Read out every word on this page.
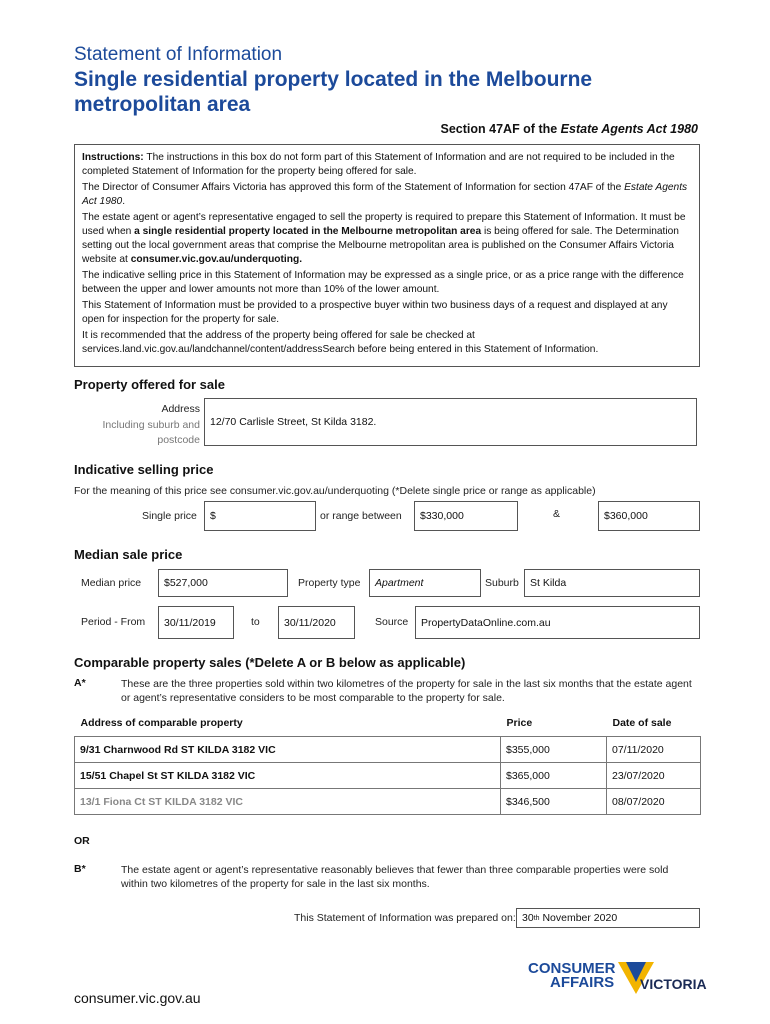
Statement of Information
Single residential property located in the Melbourne metropolitan area
Section 47AF of the Estate Agents Act 1980

Instructions: The instructions in this box do not form part of this Statement of Information and are not required to be included in the completed Statement of Information for the property being offered for sale.

The Director of Consumer Affairs Victoria has approved this form of the Statement of Information for section 47AF of the Estate Agents Act 1980.

The estate agent or agent’s representative engaged to sell the property is required to prepare this Statement of Information. It must be used when a single residential property located in the Melbourne metropolitan area is being offered for sale. The Determination setting out the local government areas that comprise the Melbourne metropolitan area is published on the Consumer Affairs Victoria website at consumer.vic.gov.au/underquoting.

The indicative selling price in this Statement of Information may be expressed as a single price, or as a price range with the difference between the upper and lower amounts not more than 10% of the lower amount.

This Statement of Information must be provided to a prospective buyer within two business days of a request and displayed at any open for inspection for the property for sale.

It is recommended that the address of the property being offered for sale be checked at services.land.vic.gov.au/landchannel/content/addressSearch before being entered in this Statement of Information.

Property offered for sale
Address
Including suburb and
postcode
12/70 Carlisle Street, St Kilda 3182.
Indicative selling price
For the meaning of this price see consumer.vic.gov.au/underquoting (*Delete single price or range as applicable)
Single price	$	or range between	$330,000	&	$360,000
Median sale price
Median price	$527,000	Property type	Apartment	Suburb	St Kilda
Period - From	30/11/2019	to	30/11/2020	Source	PropertyDataOnline.com.au
Comparable property sales (*Delete A or B below as applicable)
A*	These are the three properties sold within two kilometres of the property for sale in the last six months that the estate agent or agent’s representative considers to be most comparable to the property for sale.
Address of comparable property	Price	Date of sale
9/31 Charnwood Rd ST KILDA 3182 VIC	$355,000	07/11/2020
15/51 Chapel St ST KILDA 3182 VIC	$365,000	23/07/2020
13/1 Fiona Ct ST KILDA 3182 VIC	$346,500	08/07/2020
OR
B*	The estate agent or agent’s representative reasonably believes that fewer than three comparable properties were sold within two kilometres of the property for sale in the last six months.
This Statement of Information was prepared on: 30 th November 2020
CONSUMER
AFFAIRS VICTORIA
consumer.vic.gov.au
